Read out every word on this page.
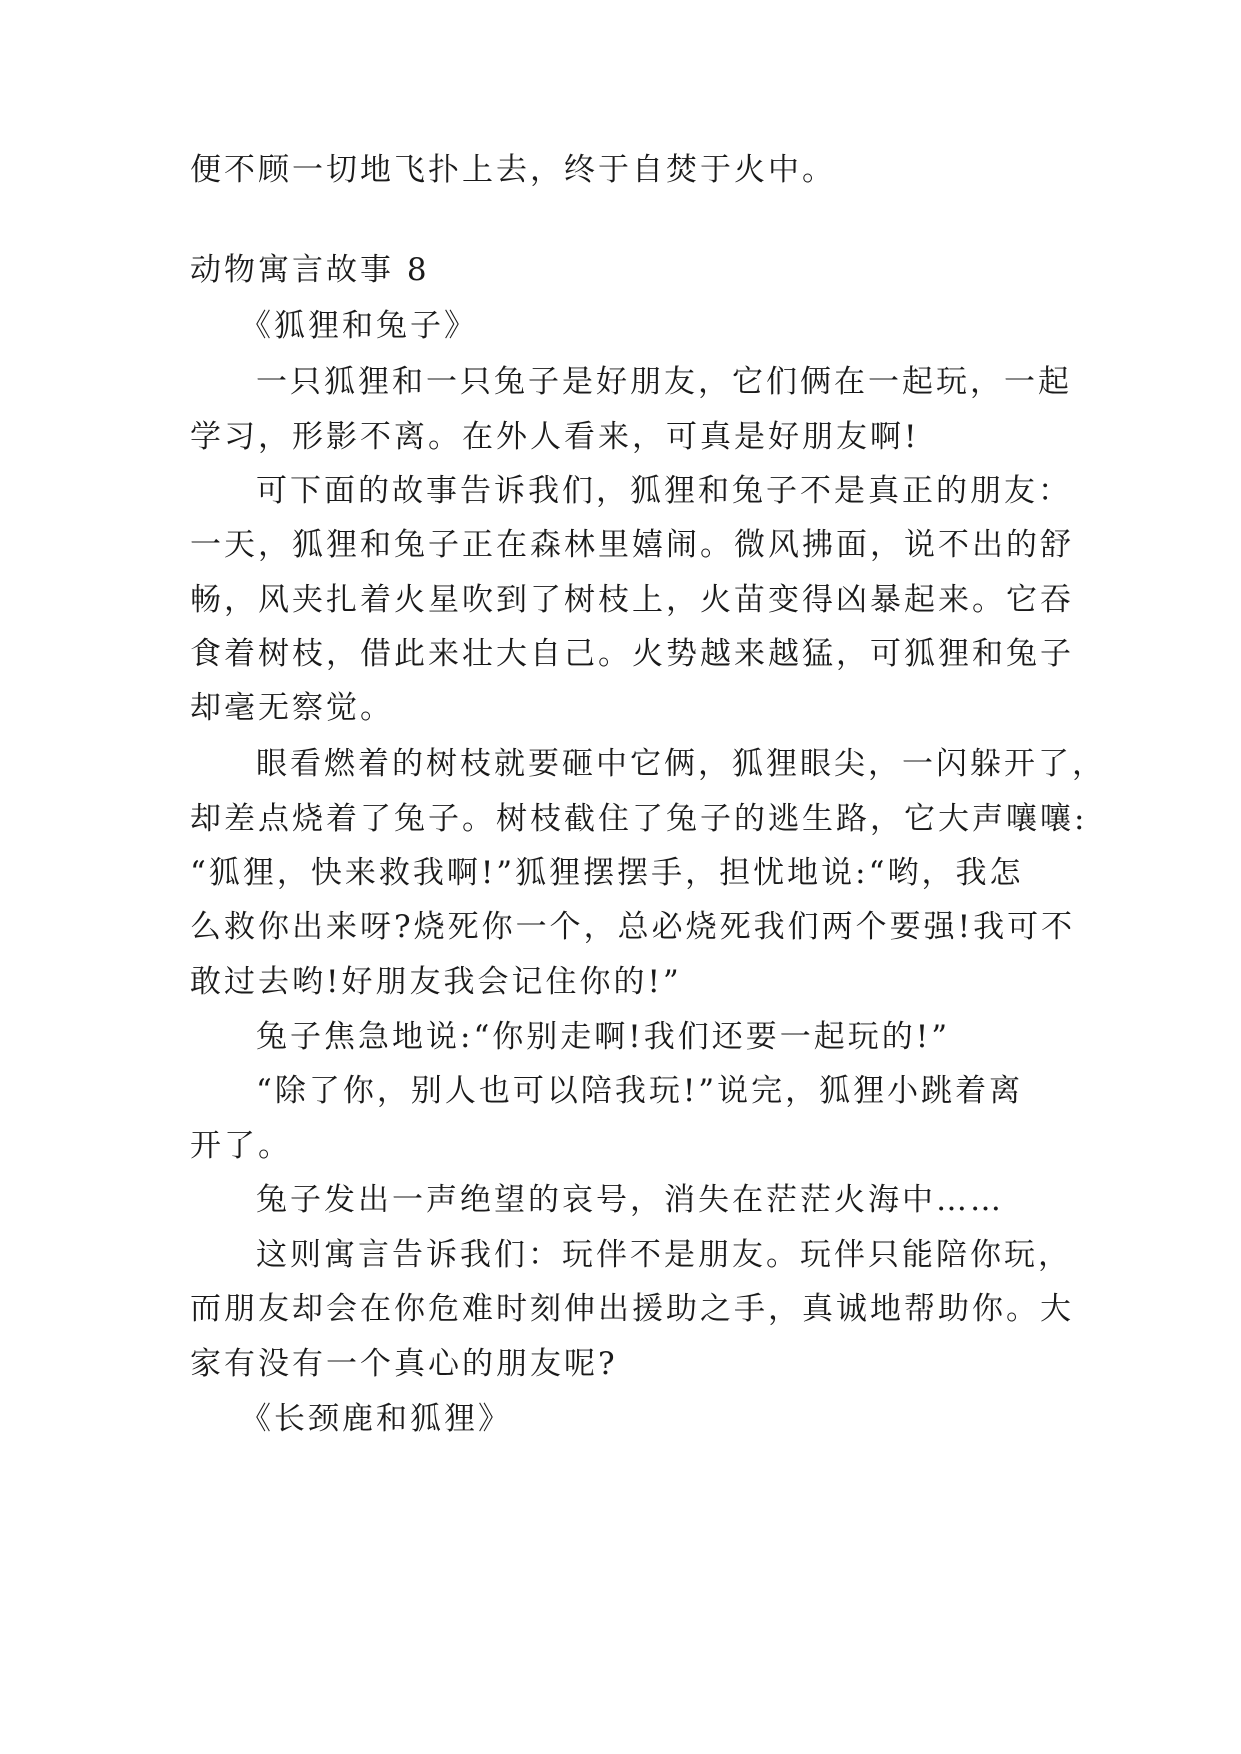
便不顾一切地飞扑上去，终于自焚于火中。
动物寓言故事 8
《狐狸和兔子》
一只狐狸和一只兔子是好朋友，它们俩在一起玩，一起
学习，形影不离。在外人看来，可真是好朋友啊!
可下面的故事告诉我们，狐狸和兔子不是真正的朋友：
一天，狐狸和兔子正在森林里嬉闹。微风拂面，说不出的舒
畅，风夹扎着火星吹到了树枝上，火苗变得凶暴起来。它吞
食着树枝，借此来壮大自己。火势越来越猛，可狐狸和兔子
却毫无察觉。
眼看燃着的树枝就要砸中它俩，狐狸眼尖，一闪躲开了，
却差点烧着了兔子。树枝截住了兔子的逃生路，它大声嚷嚷:
“狐狸，快来救我啊!”狐狸摆摆手，担忧地说:“哟，我怎
么救你出来呀?烧死你一个，总必烧死我们两个要强!我可不
敢过去哟!好朋友我会记住你的!”
兔子焦急地说:“你别走啊!我们还要一起玩的!”
“除了你，别人也可以陪我玩!”说完，狐狸小跳着离
开了。
兔子发出一声绝望的哀号，消失在茫茫火海中……
这则寓言告诉我们：玩伴不是朋友。玩伴只能陪你玩，
而朋友却会在你危难时刻伸出援助之手，真诚地帮助你。大
家有没有一个真心的朋友呢?
《长颈鹿和狐狸》
